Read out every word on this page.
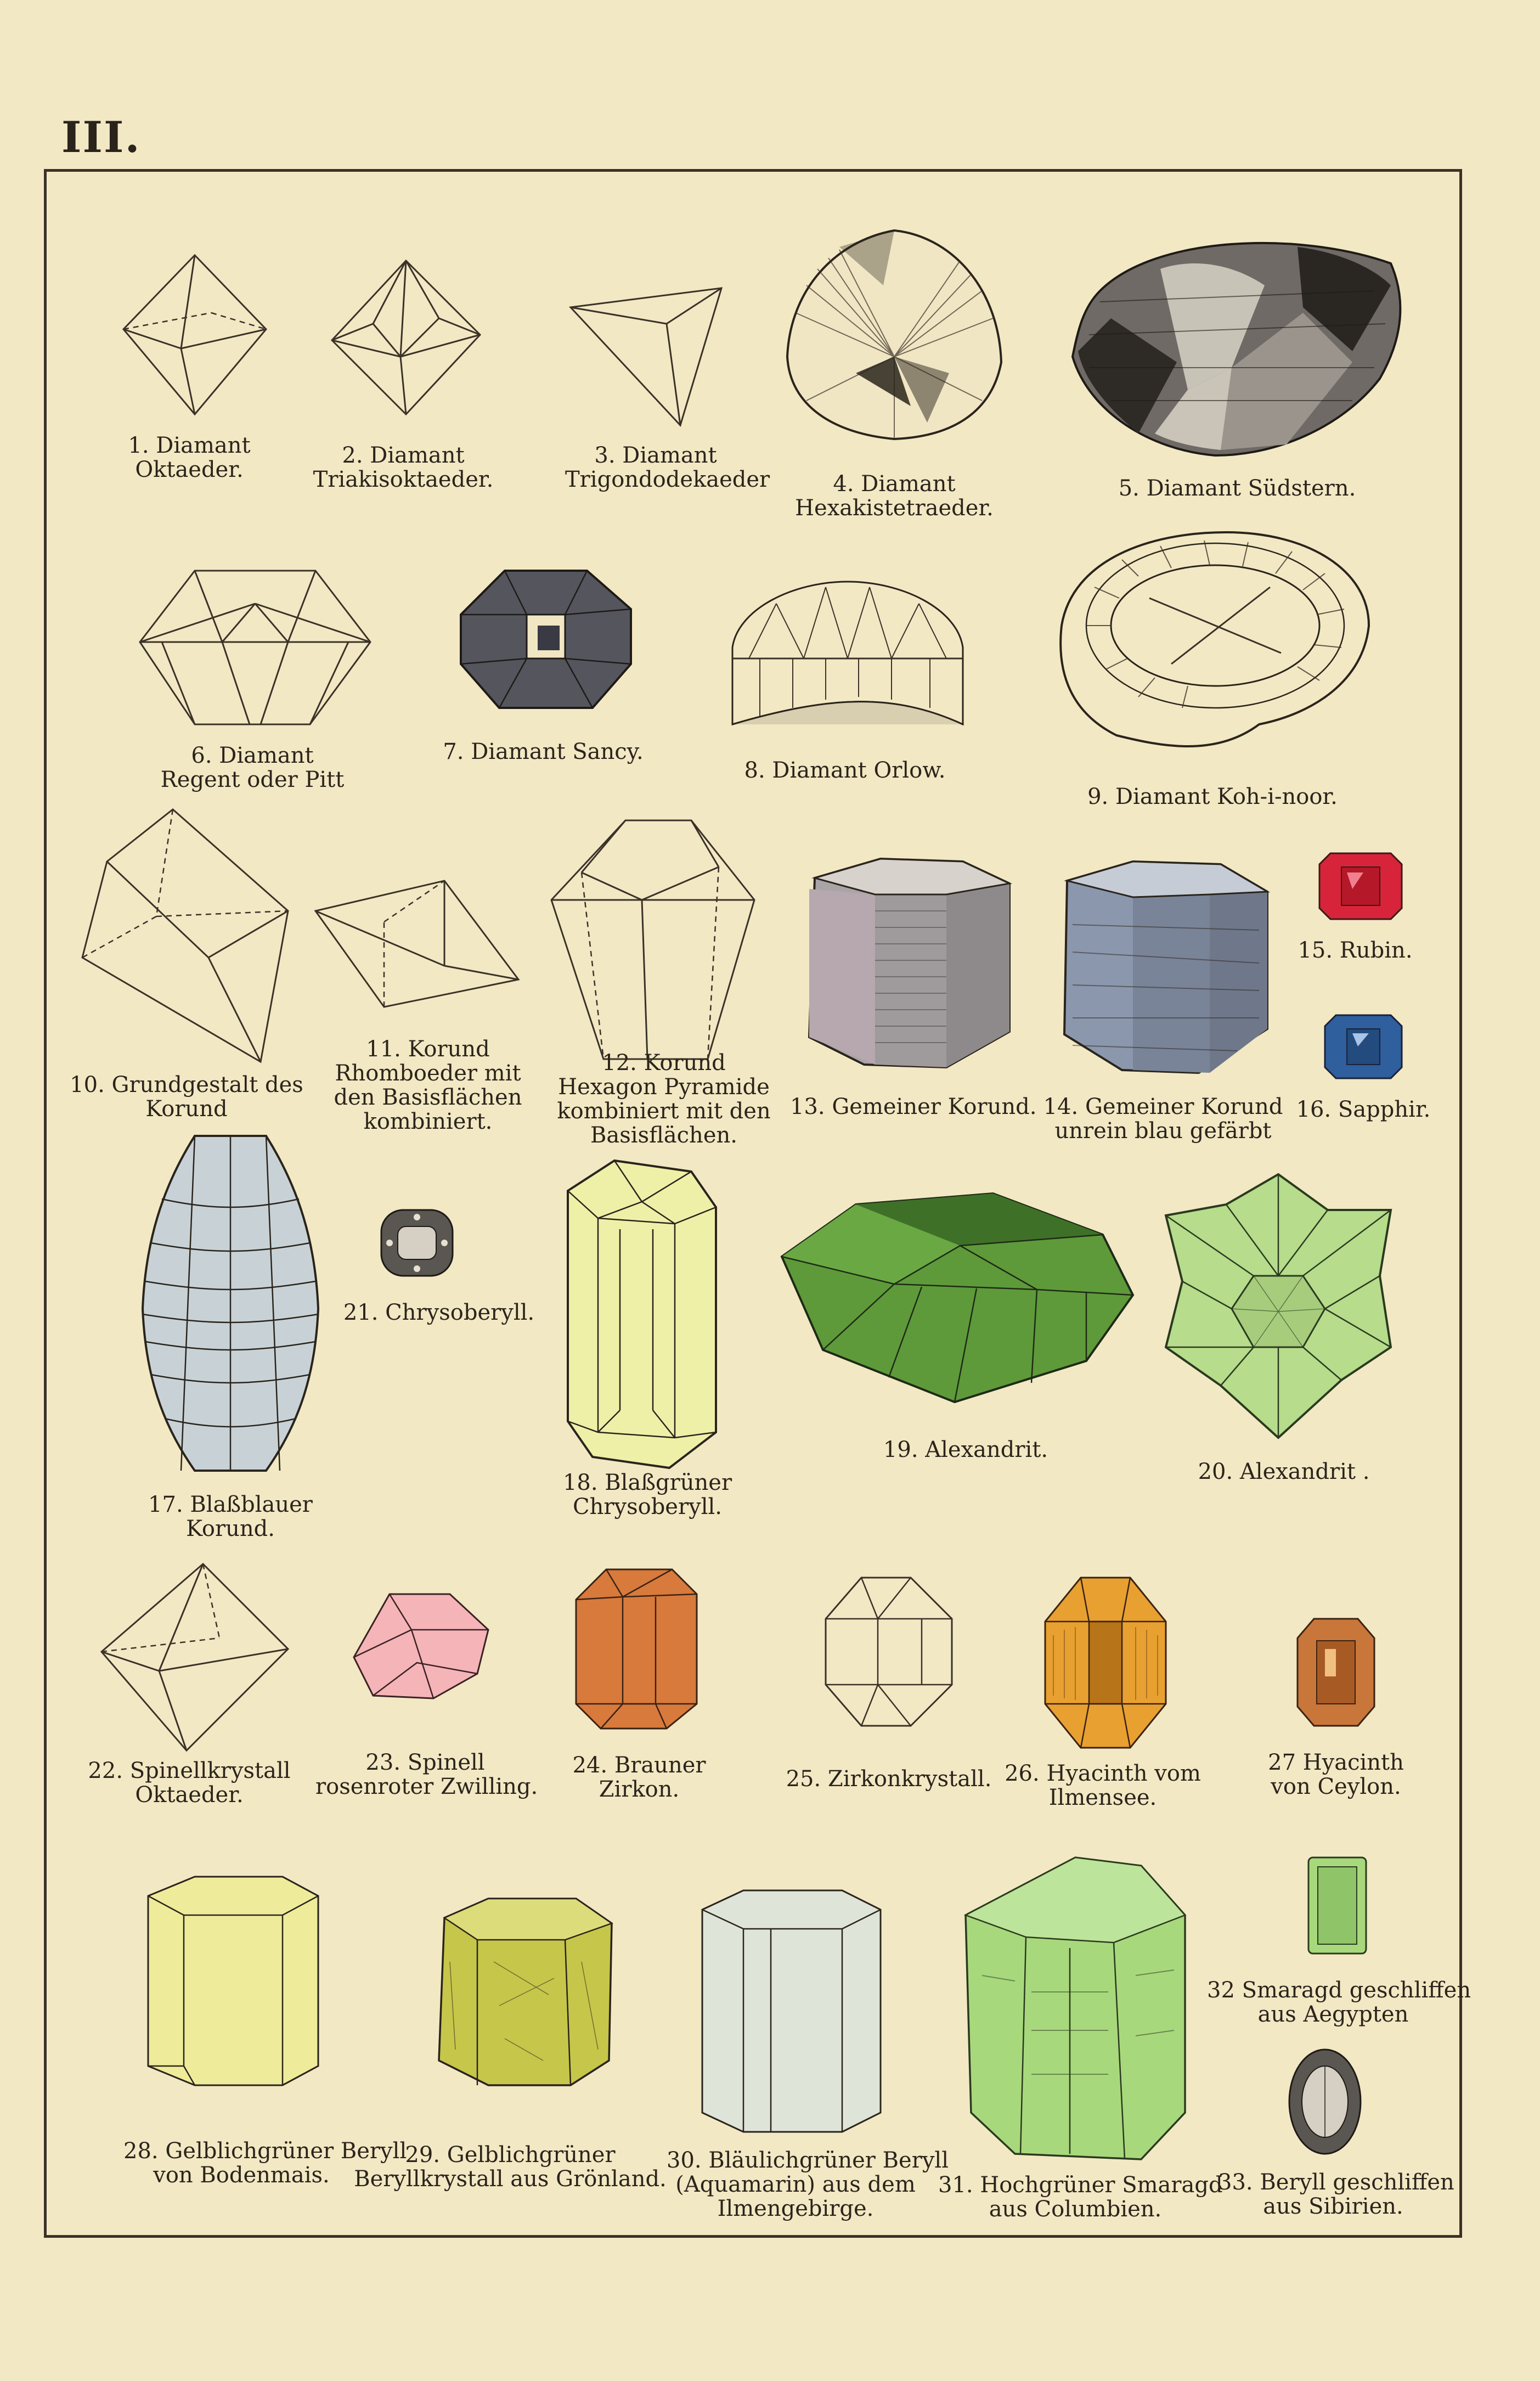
III.
1. Diamant
Oktaeder.
2. Diamant
Triakisoktaeder.
3. Diamant
Trigondodekaeder	4. Diamant
Hexakistetraeder.
5. Diamant Südstern.
6. Diamant
Regent oder Pitt
7. Diamant Sancy.
8. Diamant Orlow.
9. Diamant Koh-i-noor.
10. Grundgestalt des
Korund
11. Korund
Rhomboeder mit
den Basisflächen
kombiniert.
12. Korund
Hexagon Pyramide
kombiniert mit den
Basisflächen.
13. Gemeiner Korund. 14. Gemeiner Korund
unrein blau gefärbt
15. Rubin.
16. Sapphir.
17. Blaßblauer
Korund.
21. Chrysoberyll.
18. Blaßgrüner
Chrysoberyll.
19. Alexandrit.
20. Alexandrit .
22. Spinellkrystall
Oktaeder.
23. Spinell
rosenroter Zwilling.
24. Brauner
Zirkon.	25. Zirkonkrystall. 26. Hyacinth vom
Ilmensee.
27 Hyacinth
von Ceylon.
28. Gelblichgrüner Beryll
von Bodenmais.
29. Gelblichgrüner
Beryllkrystall aus Grönland.
30. Bläulichgrüner Beryll
(Aquamarin) aus dem
Ilmengebirge.
31. Hochgrüner Smaragd
aus Columbien.
32 Smaragd geschliffen
aus Aegypten
33. Beryll geschliffen
aus Sibirien.
